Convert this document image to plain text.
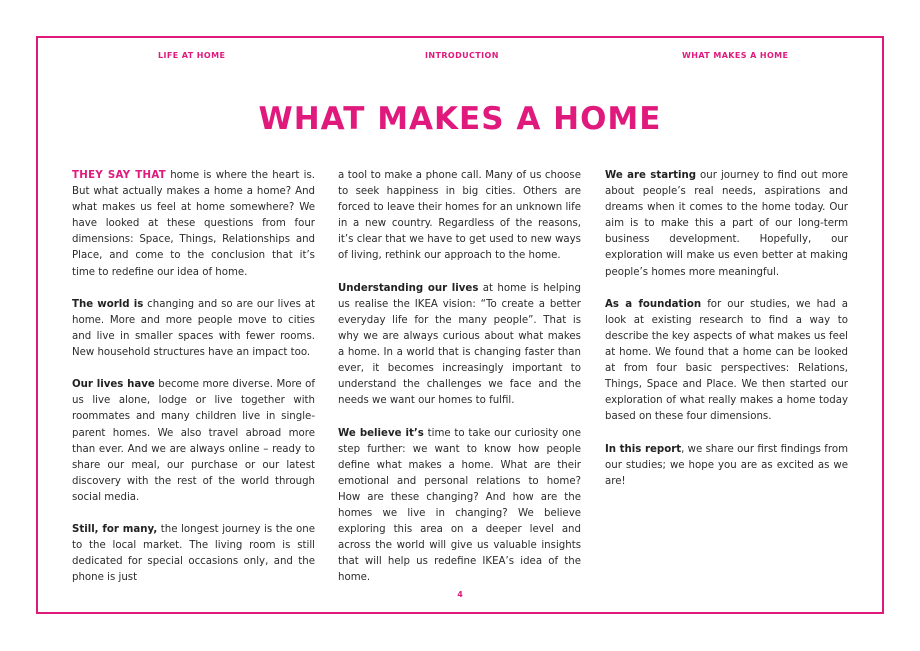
LIFE AT HOME	INTRODUCTION	WHAT MAKES A HOME
WHAT MAKES A HOME

THEY SAY THAT home is where the heart is. But what actually makes a home a home? And what makes us feel at home somewhere? We have looked at these questions from four dimensions: Space, Things, Relationships and Place, and come to the conclusion that it’s time to redefine our idea of home.

The world is changing and so are our lives at home. More and more people move to cities and live in smaller spaces with fewer rooms. New household structures have an impact too.

Our lives have become more diverse. More of us live alone, lodge or live together with roommates and many children live in single-parent homes. We also travel abroad more than ever. And we are always online – ready to share our meal, our purchase or our latest discovery with the rest of the world through social media.

Still, for many, the longest journey is the one to the local market. The living room is still dedicated for special occasions only, and the phone is just

a tool to make a phone call. Many of us choose to seek happiness in big cities. Others are forced to leave their homes for an unknown life in a new country. Regardless of the reasons, it’s clear that we have to get used to new ways of living, rethink our approach to the home.

Understanding our lives at home is helping us realise the IKEA vision: “To create a better everyday life for the many people”. That is why we are always curious about what makes a home. In a world that is changing faster than ever, it becomes increasingly important to understand the challenges we face and the needs we want our homes to fulfil.

We believe it’s time to take our curiosity one step further: we want to know how people define what makes a home. What are their emotional and personal relations to home? How are these changing? And how are the homes we live in changing? We believe exploring this area on a deeper level and across the world will give us valuable insights that will help us redefine IKEA’s idea of the home.

We are starting our journey to find out more about people’s real needs, aspirations and dreams when it comes to the home today. Our aim is to make this a part of our long-term business development. Hopefully, our exploration will make us even better at making people’s homes more meaningful.

As a foundation for our studies, we had a look at existing research to find a way to describe the key aspects of what makes us feel at home. We found that a home can be looked at from four basic perspectives: Relations, Things, Space and Place. We then started our exploration of what really makes a home today based on these four dimensions.

In this report, we share our first findings from our studies; we hope you are as excited as we are!

4
